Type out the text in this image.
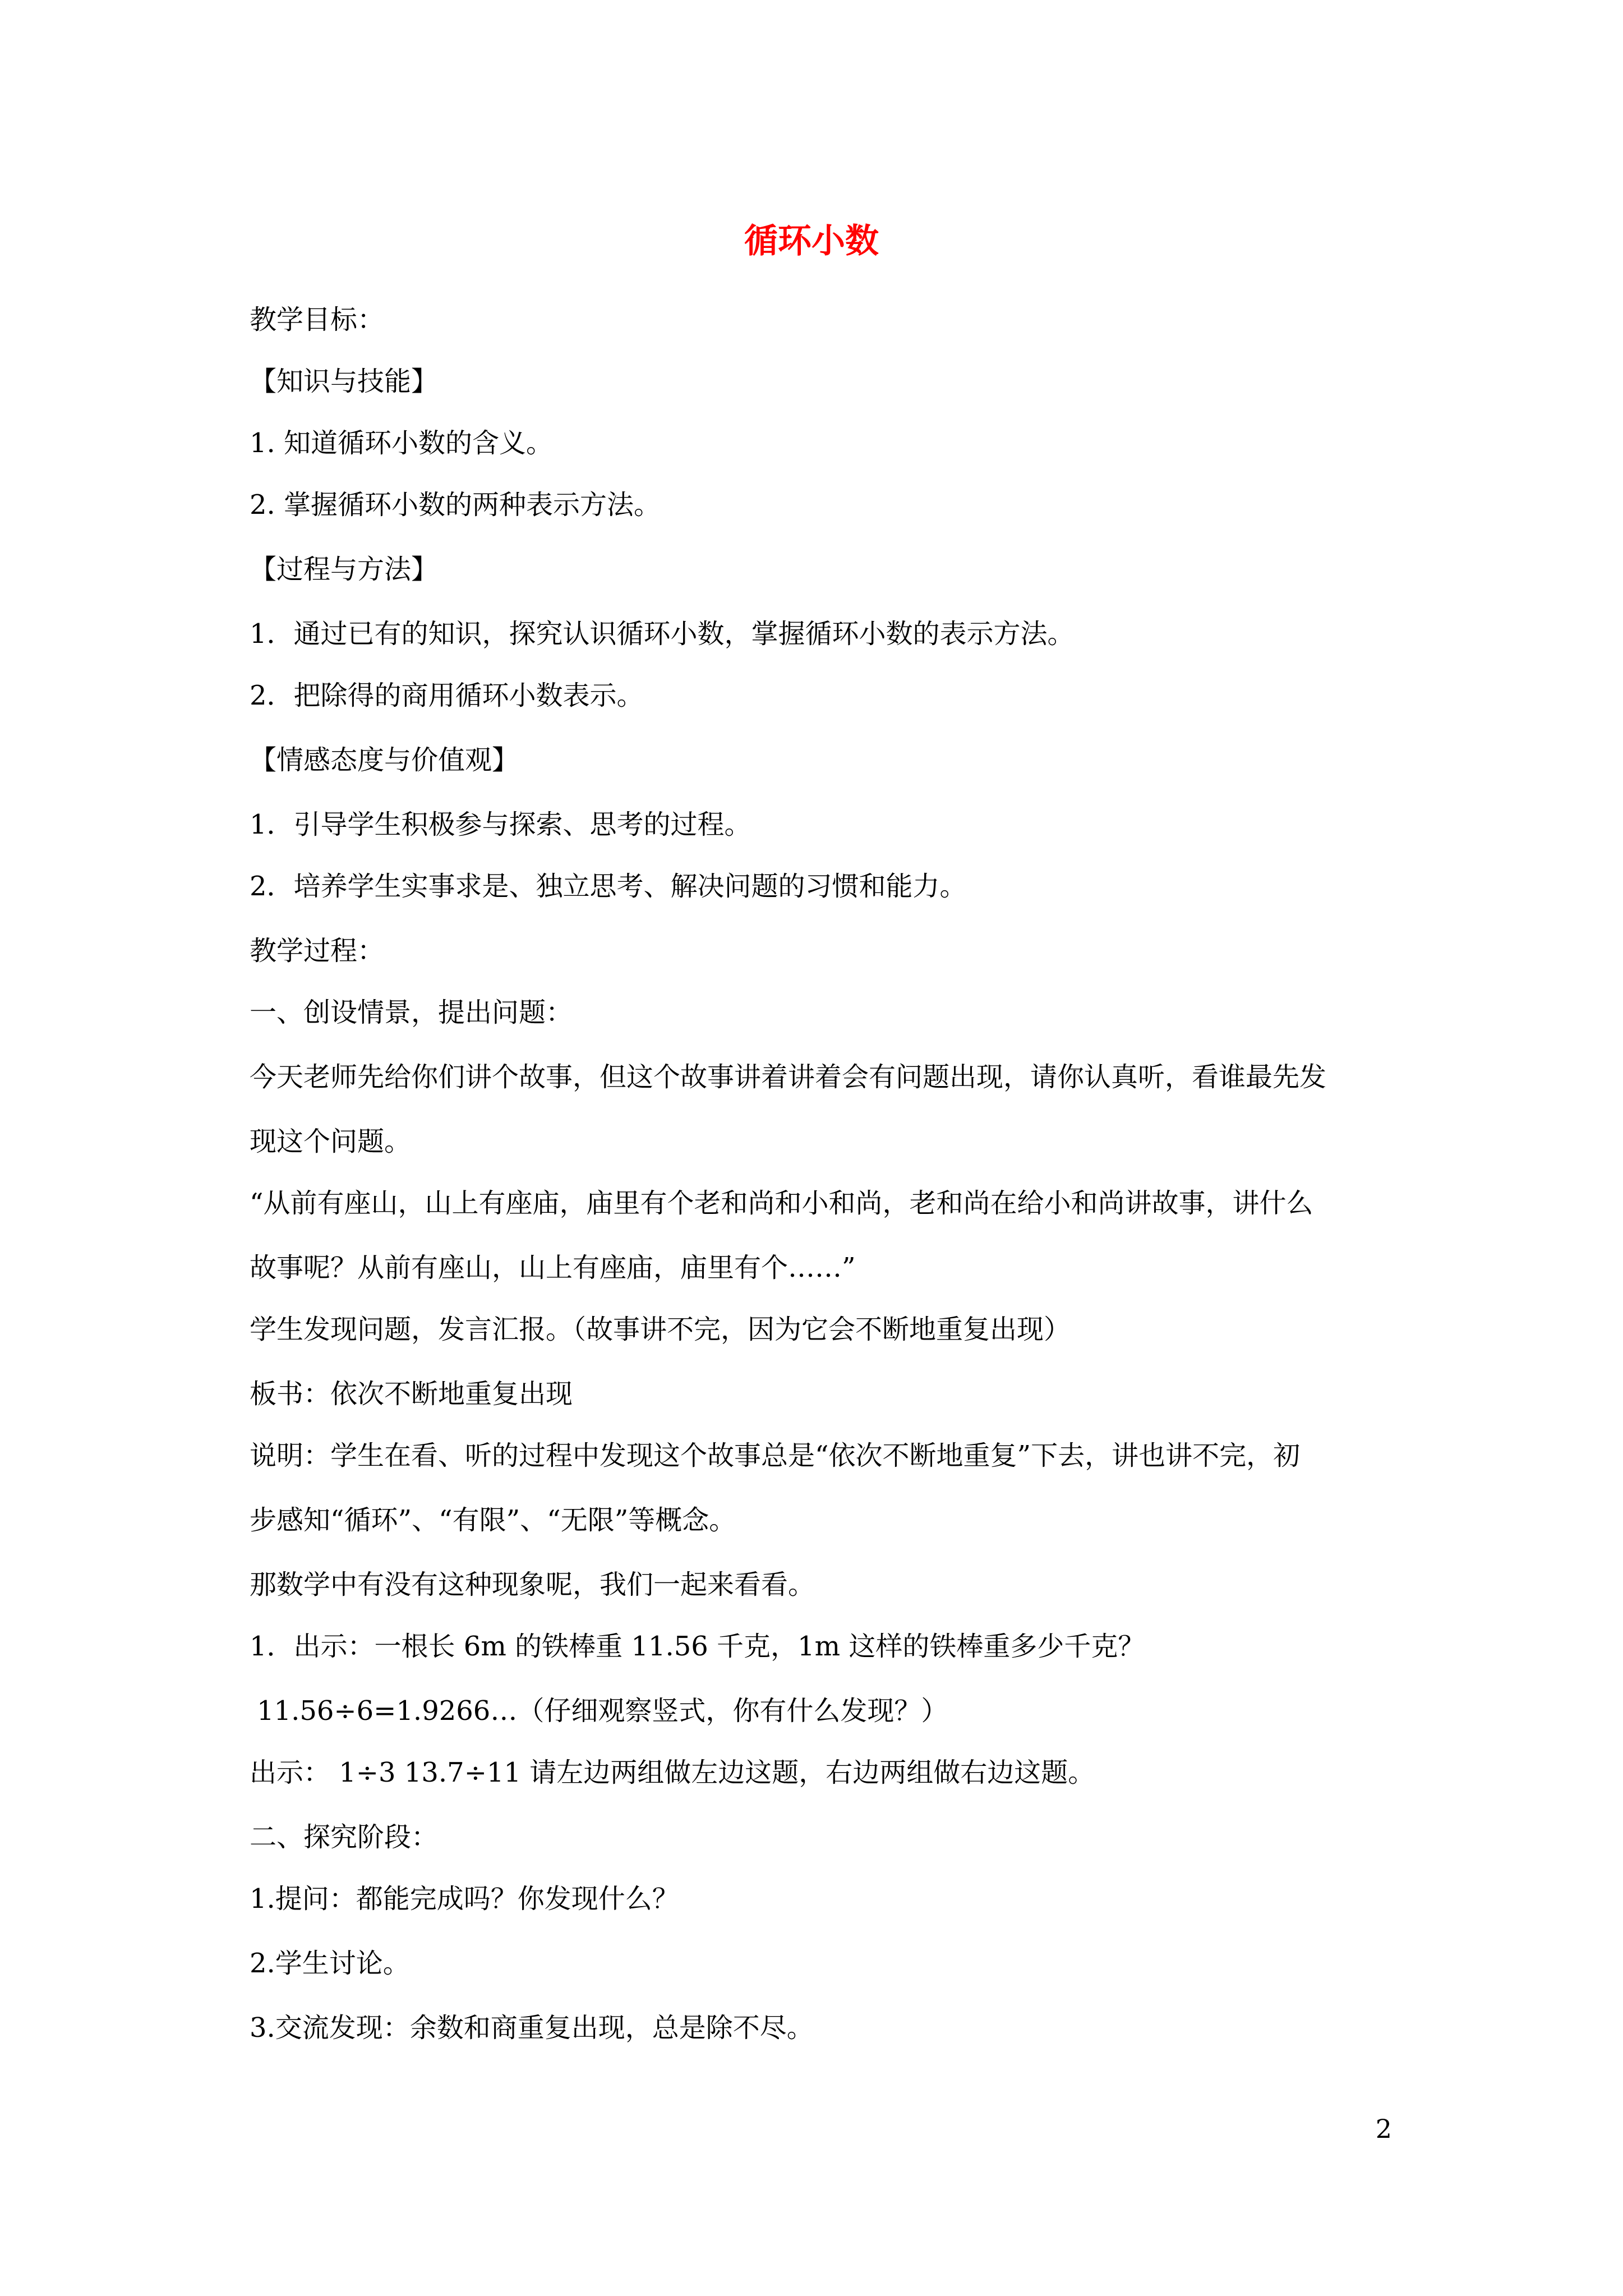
循环小数
教学目标：
【知识与技能】
1. 知道循环小数的含义。
2. 掌握循环小数的两种表示方法。
【过程与方法】
1．通过已有的知识，探究认识循环小数，掌握循环小数的表示方法。
2．把除得的商用循环小数表示。
【情感态度与价值观】
1．引导学生积极参与探索、思考的过程。
2．培养学生实事求是、独立思考、解决问题的习惯和能力。
教学过程：
一、创设情景，提出问题：
今天老师先给你们讲个故事，但这个故事讲着讲着会有问题出现，请你认真听，看谁最先发
现这个问题。
“从前有座山，山上有座庙，庙里有个老和尚和小和尚，老和尚在给小和尚讲故事，讲什么
故事呢？从前有座山，山上有座庙，庙里有个……”
学生发现问题，发言汇报。（故事讲不完，因为它会不断地重复出现）
板书：依次不断地重复出现
说明：学生在看、听的过程中发现这个故事总是“依次不断地重复”下去，讲也讲不完，初
步感知“循环”、“有限”、“无限”等概念。
那数学中有没有这种现象呢，我们一起来看看。
1．出示：一根长 6m 的铁棒重 11.56 千克，1m 这样的铁棒重多少千克？
11.56÷6=1.9266…（仔细观察竖式，你有什么发现？）
出示： 1÷3 13.7÷11 请左边两组做左边这题，右边两组做右边这题。
二、探究阶段：
1.提问：都能完成吗？你发现什么？
2.学生讨论。
3.交流发现：余数和商重复出现，总是除不尽。
2
